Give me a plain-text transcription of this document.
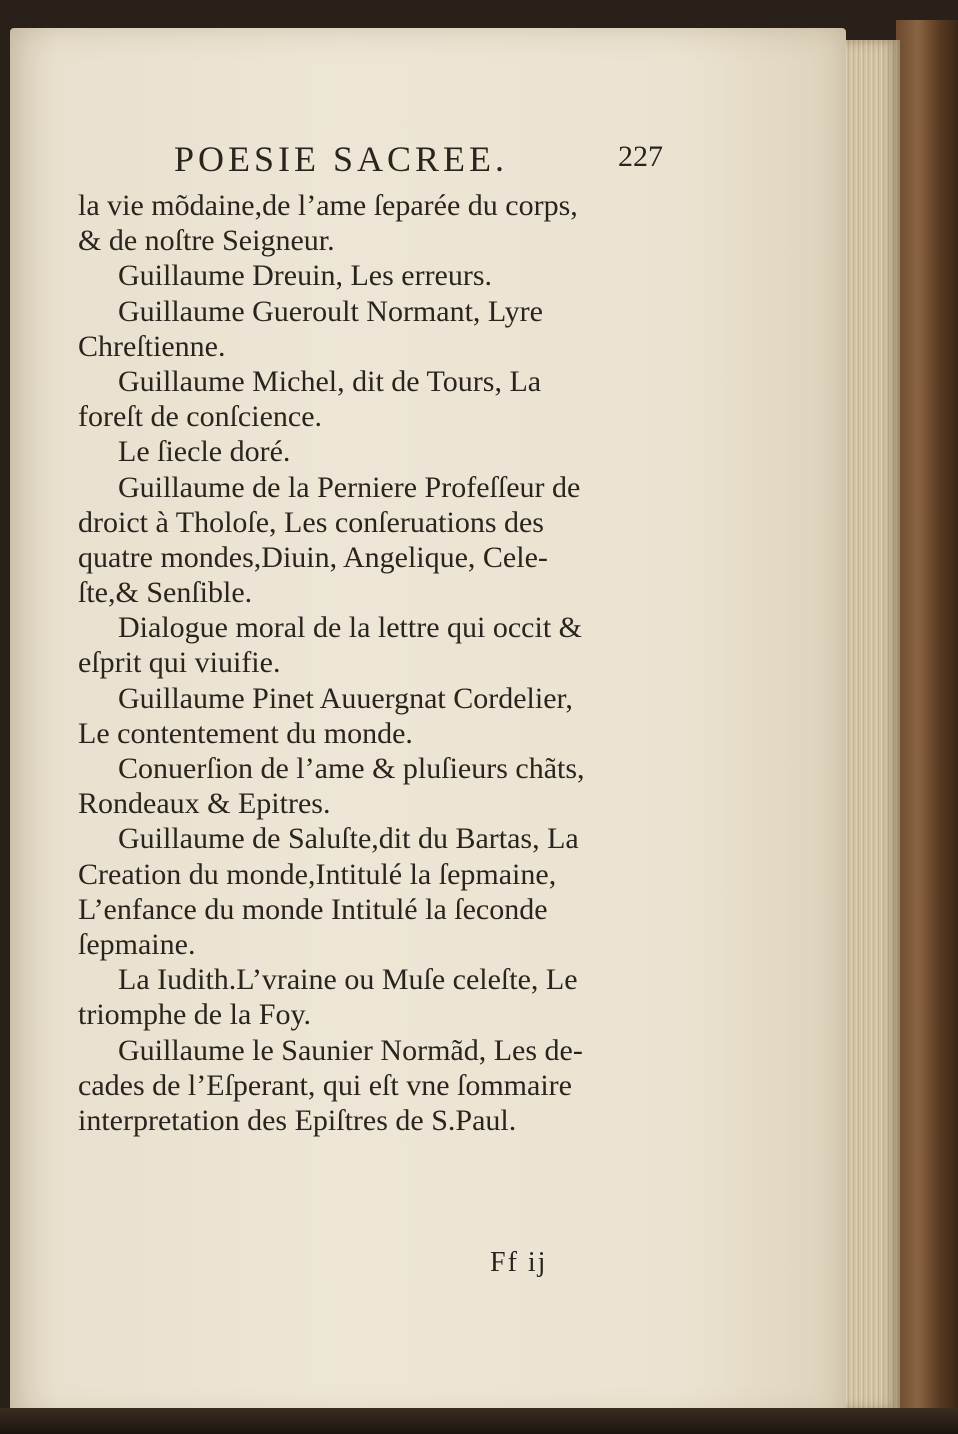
POESIE SACREE.	227
la vie mõdaine,de l’ame ſeparée du corps,
& de noſtre Seigneur.
Guillaume Dreuin, Les erreurs.
Guillaume Gueroult Normant, Lyre
Chreſtienne.
Guillaume Michel, dit de Tours, La
foreſt de conſcience.
Le ſiecle doré.
Guillaume de la Perniere Profeſſeur de
droict à Tholoſe, Les conſeruations des
quatre mondes,Diuin, Angelique, Cele-
ſte,& Senſible.
Dialogue moral de la lettre qui occit &
eſprit qui viuifie.
Guillaume Pinet Auuergnat Cordelier,
Le contentement du monde.
Conuerſion de l’ame & pluſieurs chãts,
Rondeaux & Epitres.
Guillaume de Saluſte,dit du Bartas, La
Creation du monde,Intitulé la ſepmaine,
L’enfance du monde Intitulé la ſeconde
ſepmaine.
La Iudith.L’vraine ou Muſe celeſte, Le
triomphe de la Foy.
Guillaume le Saunier Normãd, Les de-
cades de l’Eſperant, qui eſt vne ſommaire
interpretation des Epiſtres de S.Paul.
Ff ij
